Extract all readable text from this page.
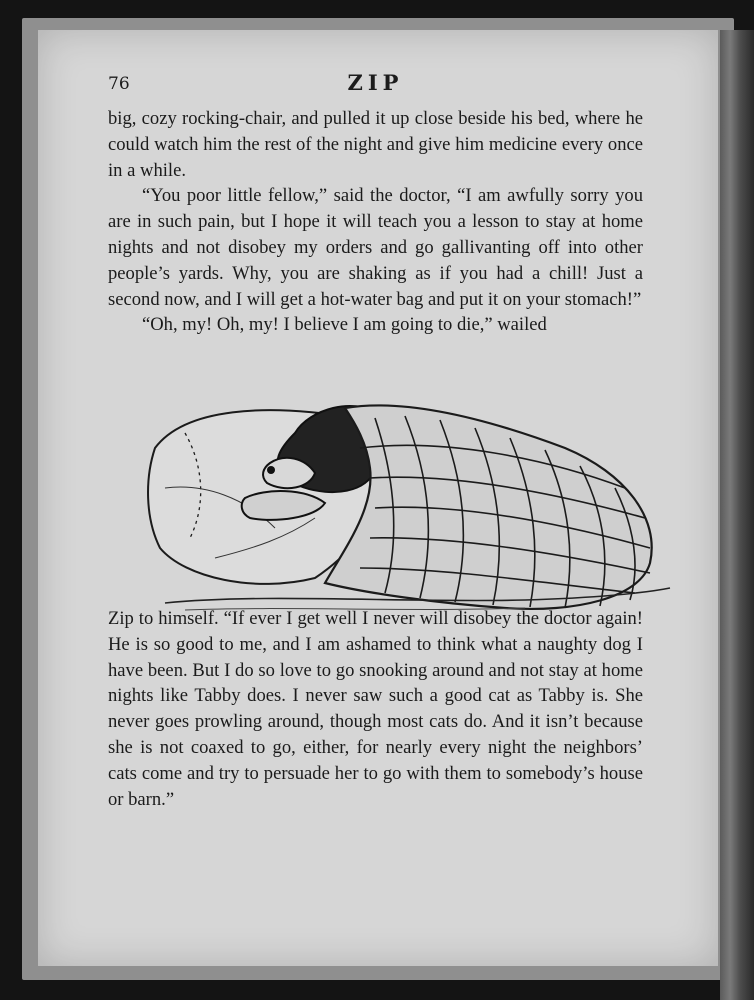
76	ZIP

big, cozy rocking-chair, and pulled it up close beside his bed, where he could watch him the rest of the night and give him medicine every once in a while.

“You poor little fellow,” said the doctor, “I am awfully sorry you are in such pain, but I hope it will teach you a lesson to stay at home nights and not disobey my orders and go gallivanting off into other people’s yards. Why, you are shaking as if you had a chill! Just a second now, and I will get a hot-water bag and put it on your stomach!”

“Oh, my! Oh, my! I believe I am going to die,” wailed

Zip to himself. “If ever I get well I never will disobey the doctor again! He is so good to me, and I am ashamed to think what a naughty dog I have been. But I do so love to go snooking around and not stay at home nights like Tabby does. I never saw such a good cat as Tabby is. She never goes prowling around, though most cats do. And it isn’t because she is not coaxed to go, either, for nearly every night the neighbors’ cats come and try to persuade her to go with them to somebody’s house or barn.”
